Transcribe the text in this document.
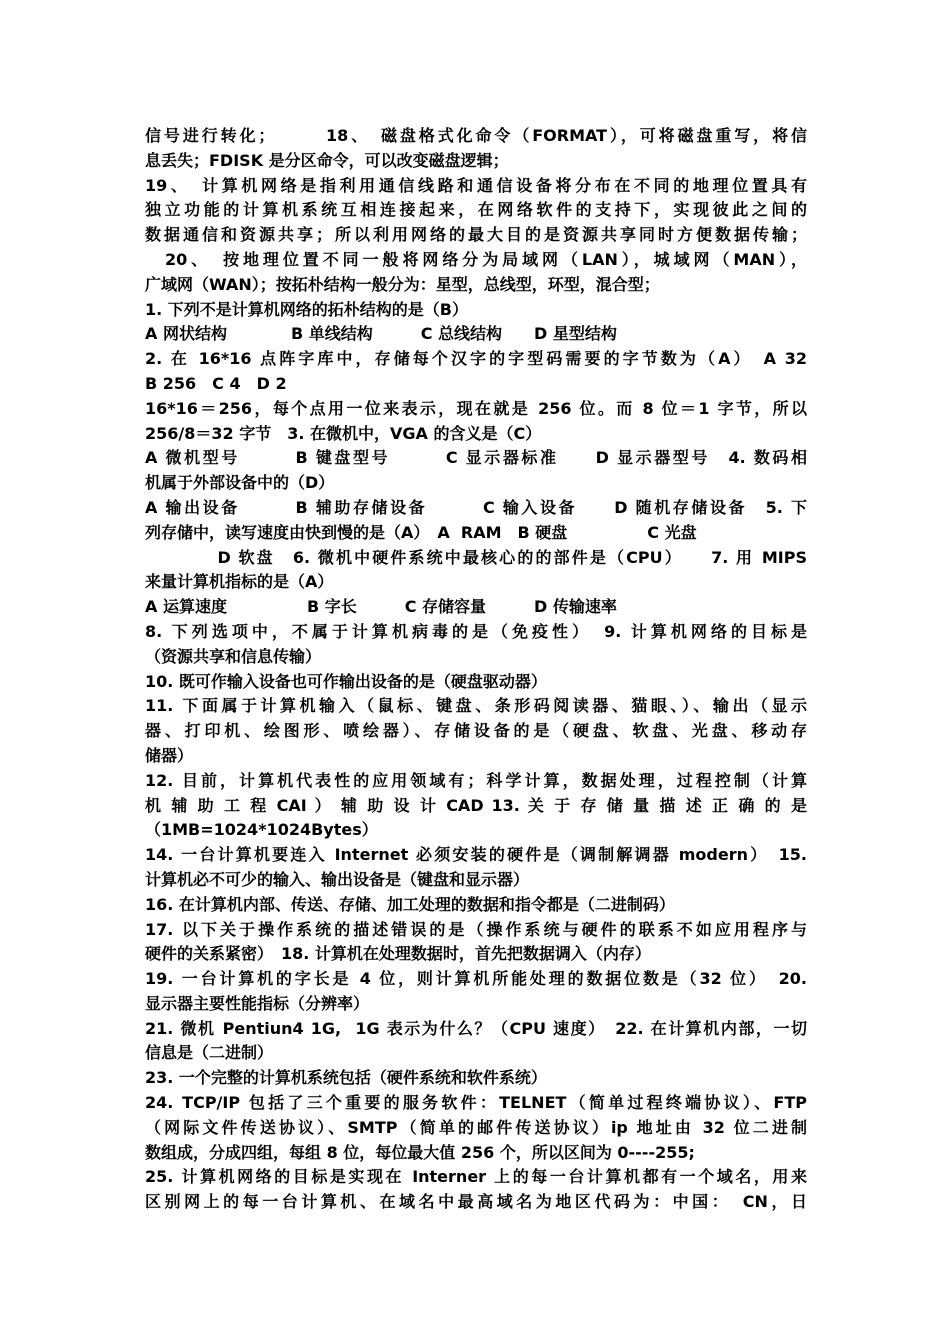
信号进行转化；　　　18、　磁盘格式化命令（FORMAT），可将磁盘重写，将信
息丢失；FDISK 是分区命令，可以改变磁盘逻辑；
19、　计算机网络是指利用通信线路和通信设备将分布在不同的地理位置具有
独立功能的计算机系统互相连接起来，在网络软件的支持下，实现彼此之间的
数据通信和资源共享；所以利用网络的最大目的是资源共享同时方便数据传输；
　20、　按地理位置不同一般将网络分为局域网（LAN），城域网（MAN），
广域网（WAN）；按拓朴结构一般分为：星型，总线型，环型，混合型；
1. 下列不是计算机网络的拓朴结构的是（B）
A 网状结构　　　　B 单线结构　　　C 总线结构　　D 星型结构
2. 在 16*16 点阵字库中，存储每个汉字的字型码需要的字节数为（A）　A 32
B 256　C 4　D 2
16*16＝256，每个点用一位来表示，现在就是 256 位。而 8 位＝1 字节，所以
256/8＝32 字节　3. 在微机中，VGA 的含义是（C）
A 微机型号　　　B 键盘型号　　　C 显示器标准　　D 显示器型号　4. 数码相
机属于外部设备中的（D）
A 输出设备　　　B 辅助存储设备　　　C 输入设备　　D 随机存储设备　5. 下
列存储中，读写速度由快到慢的是（A）　A  RAM　B 硬盘　　　　　C 光盘
　　　　D 软盘　6. 微机中硬件系统中最核心的的部件是（CPU）　　7. 用 MIPS
来量计算机指标的是（A）
A 运算速度　　　　　B 字长　　　C 存储容量　　　D 传输速率
8. 下列选项中，不属于计算机病毒的是（免疫性）　9. 计算机网络的目标是
（资源共享和信息传输）
10. 既可作输入设备也可作输出设备的是（硬盘驱动器）
11. 下面属于计算机输入（鼠标、键盘、条形码阅读器、猫眼、）、输出（显示
器、打印机、绘图形、喷绘器）、存储设备的是（硬盘、软盘、光盘、移动存
储器）
12. 目前，计算机代表性的应用领域有；科学计算，数据处理，过程控制（计算
机 辅 助 工 程 CAI ） 辅 助 设 计 CAD 13. 关 于 存 储 量 描 述 正 确 的 是
（1MB=1024*1024Bytes）
14. 一台计算机要连入 Internet 必须安装的硬件是（调制解调器 modern）　15.
计算机必不可少的输入、输出设备是（键盘和显示器）
16. 在计算机内部、传送、存储、加工处理的数据和指令都是（二进制码）
17. 以下关于操作系统的描述错误的是（操作系统与硬件的联系不如应用程序与
硬件的关系紧密）　18. 计算机在处理数据时，首先把数据调入（内存）
19. 一台计算机的字长是 4 位，则计算机所能处理的数据位数是（32 位）　20.
显示器主要性能指标（分辨率）
21. 微机 Pentiun4 1G,  1G 表示为什么？（CPU 速度）　22. 在计算机内部，一切
信息是（二进制）
23. 一个完整的计算机系统包括（硬件系统和软件系统）
24. TCP/IP 包括了三个重要的服务软件：TELNET（简单过程终端协议）、FTP
（网际文件传送协议）、SMTP（简单的邮件传送协议）ip 地址由 32 位二进制
数组成，分成四组，每组 8 位，每位最大值 256 个，所以区间为 0----255;
25. 计算机网络的目标是实现在 Interner 上的每一台计算机都有一个域名，用来
区别网上的每一台计算机、在域名中最高域名为地区代码为：中国：　CN，日
